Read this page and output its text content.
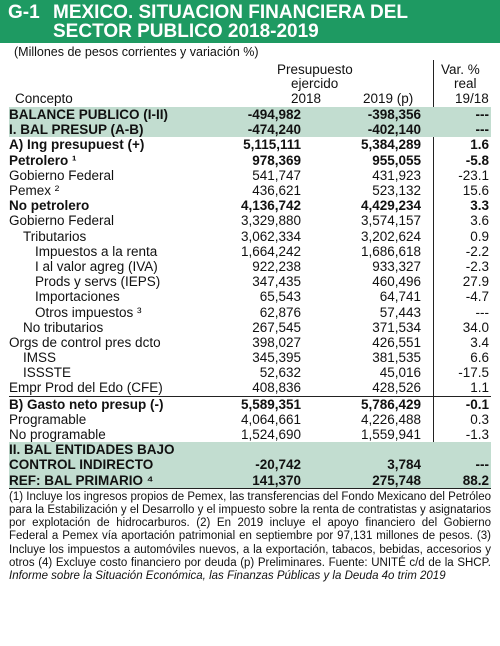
G-1 MEXICO. SITUACION FINANCIERA DEL
SECTOR PUBLICO 2018-2019
(Millones de pesos corrientes y variación %)
Presupuesto
ejercido
Var. %
real
Concepto	2018	2019 (p)	19/18
BALANCE PUBLICO (I-II)	-494,982	-398,356	---
I. BAL PRESUP (A-B)	-474,240	-402,140	---
A) Ing presupuest (+)	5,115,111	5,384,289	1.6
Petrolero ¹	978,369	955,055	-5.8
Gobierno Federal	541,747	431,923	-23.1
Pemex ²	436,621	523,132	15.6
No petrolero	4,136,742	4,429,234	3.3
Gobierno Federal	3,329,880	3,574,157	3.6
Tributarios	3,062,334	3,202,624	0.9
Impuestos a la renta	1,664,242	1,686,618	-2.2
I al valor agreg (IVA)	922,238	933,327	-2.3
Prods y servs (IEPS)	347,435	460,496	27.9
Importaciones	65,543	64,741	-4.7
Otros impuestos ³	62,876	57,443	---
No tributarios	267,545	371,534	34.0
Orgs de control pres dcto	398,027	426,551	3.4
IMSS	345,395	381,535	6.6
ISSSTE	52,632	45,016	-17.5
Empr Prod del Edo (CFE)	408,836	428,526	1.1
B) Gasto neto presup (-)	5,589,351	5,786,429	-0.1
Programable	4,064,661	4,226,488	0.3
No programable	1,524,690	1,559,941	-1.3
II. BAL ENTIDADES BAJO
CONTROL INDIRECTO	-20,742	3,784	---
REF: BAL PRIMARIO ⁴	141,370	275,748	88.2
(1) Incluye los ingresos propios de Pemex, las transferencias del Fondo Mexicano del Petróleo para la Estabilización y el Desarrollo y el impuesto sobre la renta de contratistas y asignatarios por explotación de hidrocarburos. (2) En 2019 incluye el apoyo financiero del Gobierno Federal a Pemex vía aportación patrimonial en septiembre por 97,131 millones de pesos. (3) Incluye los impuestos a automóviles nuevos, a la exportación, tabacos, bebidas, accesorios y otros (4) Excluye costo financiero por deuda (p) Preliminares. Fuente: UNITÉ c/d de la SHCP. Informe sobre la Situación Económica, las Finanzas Públicas y la Deuda 4o trim 2019
